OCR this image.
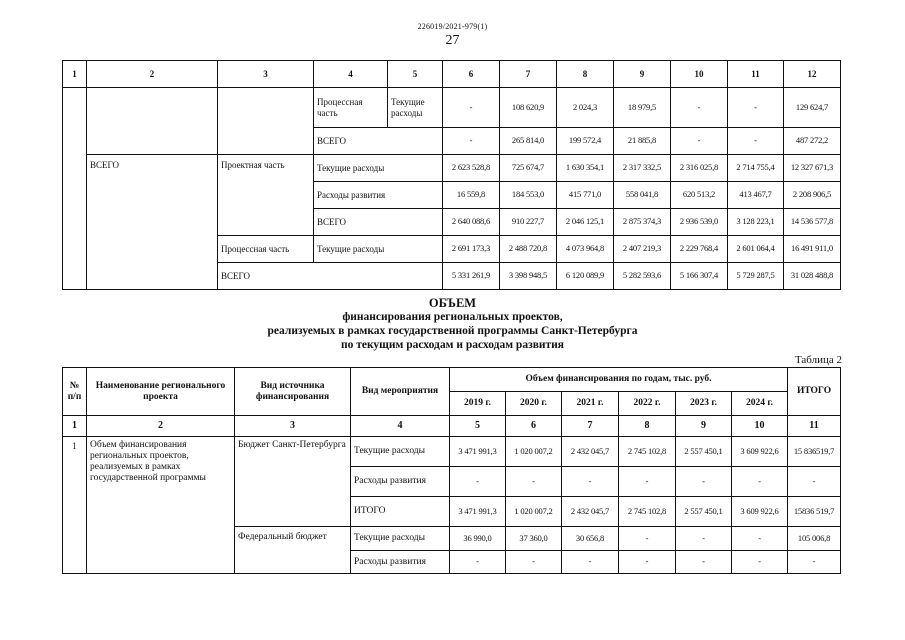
226019/2021-979(1)
27
1	2	3	4	5	6	7	8	9	10	11	12
			Процессная часть	Текущие расходы	-	108 620,9	2 024,3	18 979,5	-	-	129 624,7
			ВСЕГО		-	265 814,0	199 572,4	21 885,8	-	-	487 272,2
	ВСЕГО	Проектная часть	Текущие расходы		2 623 528,8	725 674,7	1 630 354,1	2 317 332,5	2 316 025,8	2 714 755,4	12 327 671,3
			Расходы развития		16 559,8	184 553,0	415 771,0	558 041,8	620 513,2	413 467,7	2 208 906,5
			ВСЕГО		2 640 088,6	910 227,7	2 046 125,1	2 875 374,3	2 936 539,0	3 128 223,1	14 536 577,8
		Процессная часть	Текущие расходы		2 691 173,3	2 488 720,8	4 073 964,8	2 407 219,3	2 229 768,4	2 601 064,4	16 491 911,0
		ВСЕГО			5 331 261,9	3 398 948,5	6 120 089,9	5 282 593,6	5 166 307,4	5 729 287,5	31 028 488,8
ОБЪЕМ
финансирования региональных проектов,
реализуемых в рамках государственной программы Санкт-Петербурга
по текущим расходам и расходам развития
Таблица 2
№ п/п	Наименование регионального проекта	Вид источника финансирования	Вид мероприятия	Объем финансирования по годам, тыс. руб.						ИТОГО
				2019 г.	2020 г.	2021 г.	2022 г.	2023 г.	2024 г.	
1	2	3	4	5	6	7	8	9	10	11
1	Объем финансирования региональных проектов, реализуемых в рамках государственной программы	Бюджет Санкт-Петербурга	Текущие расходы	3 471 991,3	1 020 007,2	2 432 045,7	2 745 102,8	2 557 450,1	3 609 922,6	15 836519,7
			Расходы развития	-	-	-	-	-	-	-
			ИТОГО	3 471 991,3	1 020 007,2	2 432 045,7	2 745 102,8	2 557 450,1	3 609 922,6	15836 519,7
		Федеральный бюджет	Текущие расходы	36 990,0	37 360,0	30 656,8	-	-	-	105 006,8
			Расходы развития	-	-	-	-	-	-	-
